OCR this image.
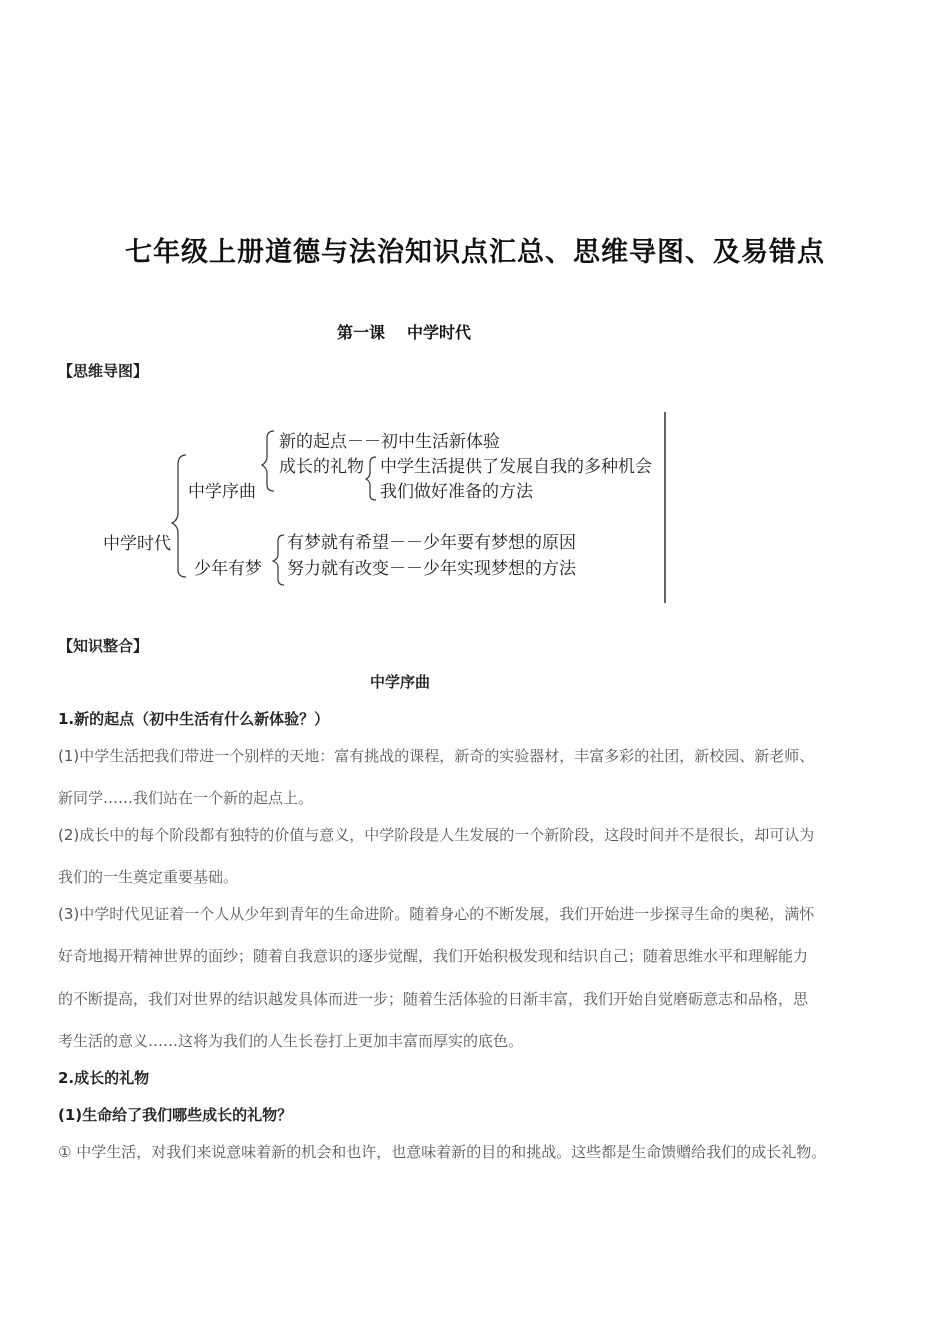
七年级上册道德与法治知识点汇总、思维导图、及易错点
第一课 中学时代
【思维导图】
中学时代
中学序曲
新的起点－－初中生活新体验
成长的礼物 中学生活提供了发展自我的多种机会
我们做好准备的方法
少年有梦
有梦就有希望－－少年要有梦想的原因
努力就有改变－－少年实现梦想的方法
【知识整合】
中学序曲
1.新的起点（初中生活有什么新体验？）
(1)中学生活把我们带进一个别样的天地：富有挑战的课程，新奇的实验器材，丰富多彩的社团，新校园、新老师、
新同学……我们站在一个新的起点上。
(2)成长中的每个阶段都有独特的价值与意义，中学阶段是人生发展的一个新阶段，这段时间并不是很长，却可认为
我们的一生奠定重要基础。
(3)中学时代见证着一个人从少年到青年的生命进阶。随着身心的不断发展，我们开始进一步探寻生命的奥秘，满怀
好奇地揭开精神世界的面纱；随着自我意识的逐步觉醒，我们开始积极发现和结识自己；随着思维水平和理解能力
的不断提高，我们对世界的结识越发具体而进一步；随着生活体验的日渐丰富，我们开始自觉磨砺意志和品格，思
考生活的意义……这将为我们的人生长卷打上更加丰富而厚实的底色。
2.成长的礼物
(1)生命给了我们哪些成长的礼物？
① 中学生活，对我们来说意味着新的机会和也许，也意味着新的目的和挑战。这些都是生命馈赠给我们的成长礼物。
